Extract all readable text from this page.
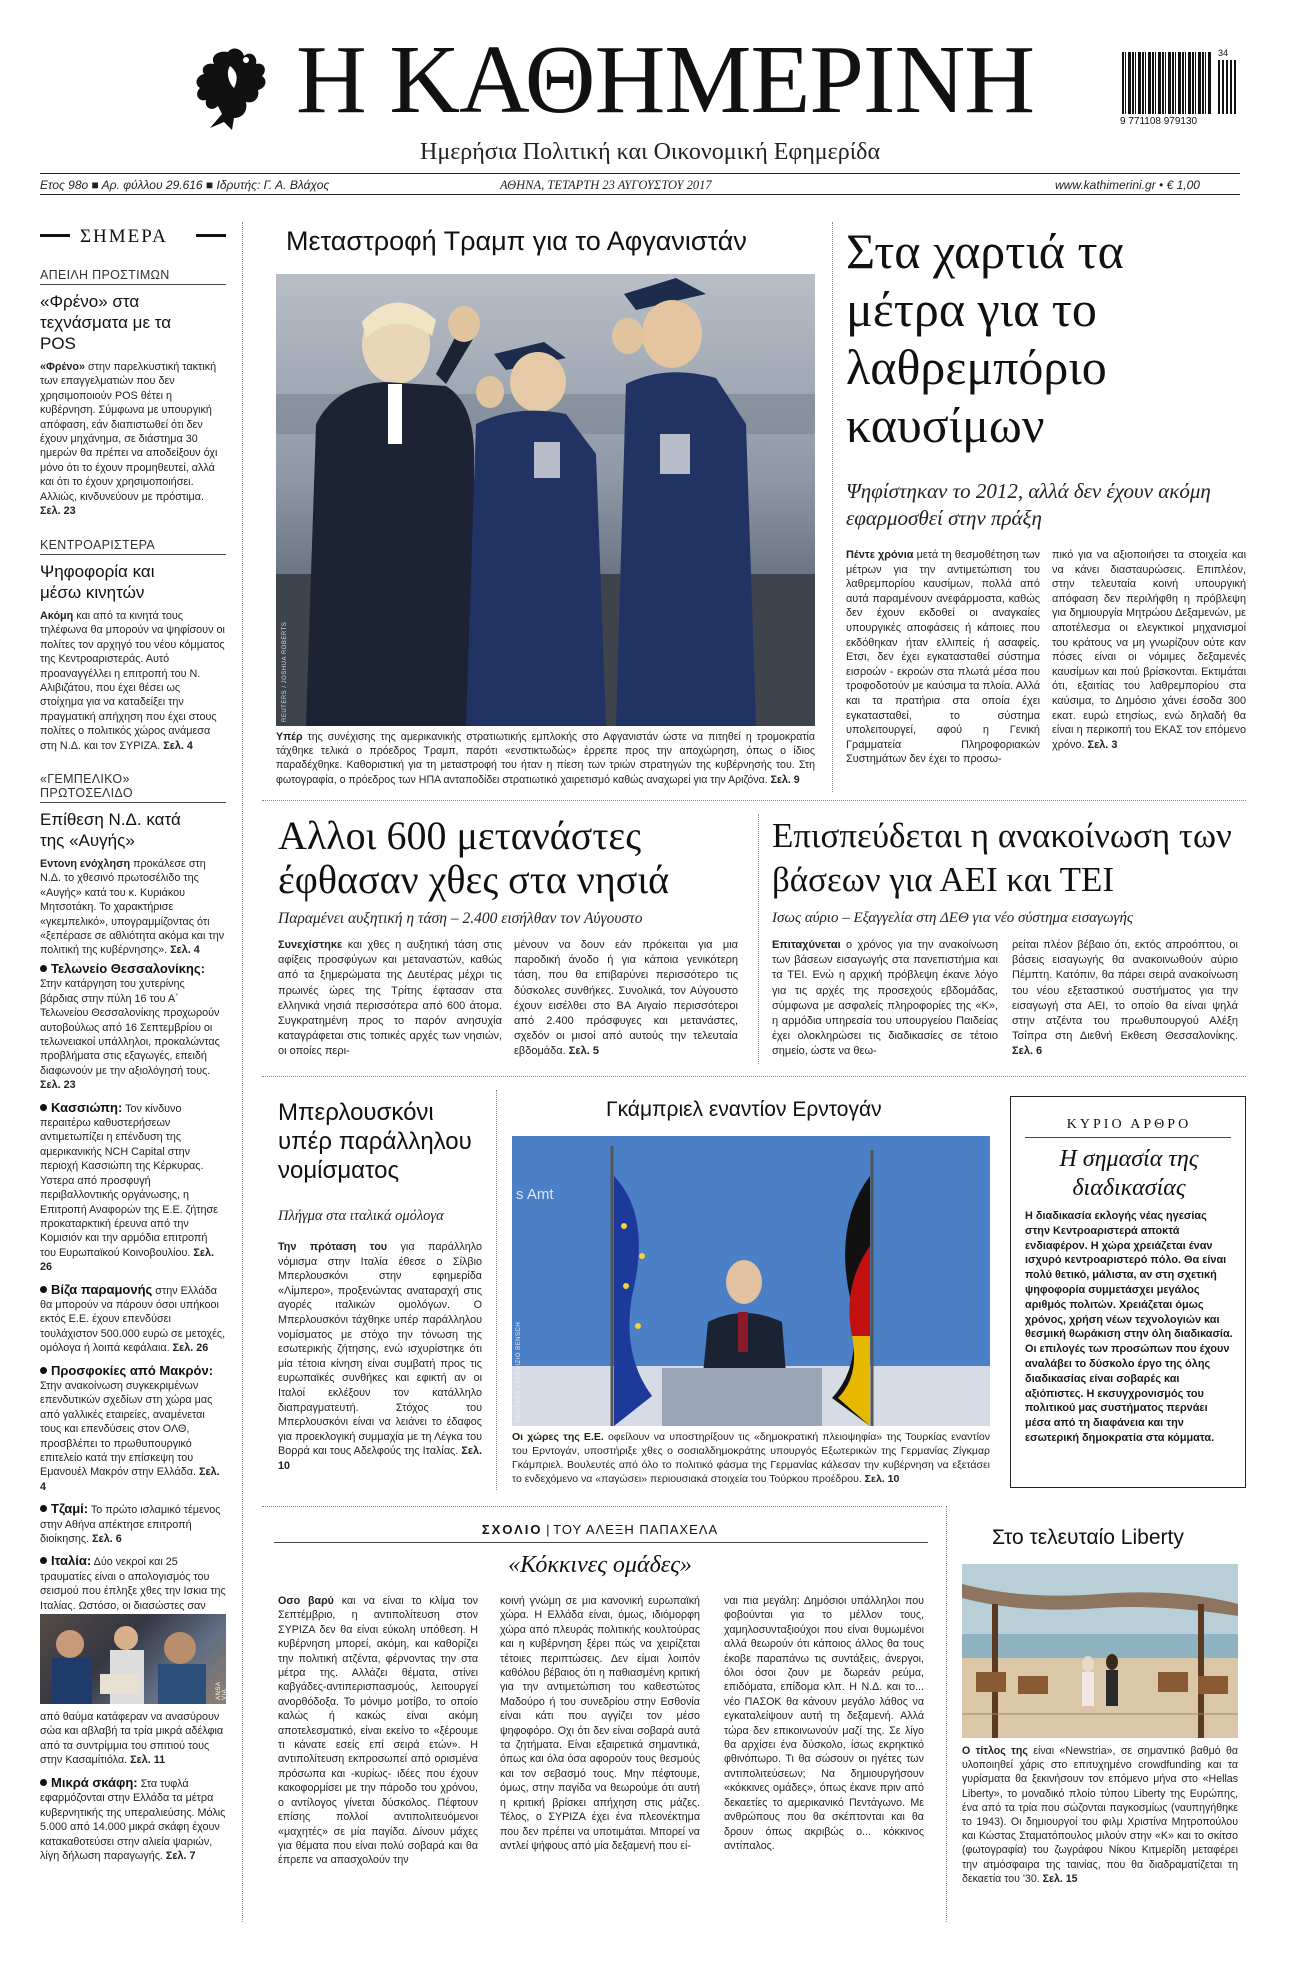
Η ΚΑΘΗΜΕΡΙΝΗ
Ημερήσια Πολιτική και Οικονομική Εφημερίδα
34
9 771108 979130
Eτος 98ο ■ Αρ. φύλλου 29.616 ■ Ιδρυτής: Γ. Α. Βλάχος	ΑΘΗΝΑ, ΤΕΤΑΡΤΗ 23 ΑΥΓΟΥΣΤΟΥ 2017	www.kathimerini.gr • € 1,00
ΣΗΜΕΡΑ
ΑΠΕΙΛΗ ΠΡΟΣΤΙΜΩΝ
«Φρένο» στα τεχνάσματα με τα POS
«Φρένο» στην παρελκυστική τακτική των επαγγελματιών που δεν χρησιμοποιούν POS θέτει η κυβέρνηση. Σύμφωνα με υπουργική απόφαση, εάν διαπιστωθεί ότι δεν έχουν μηχάνημα, σε διάστημα 30 ημερών θα πρέπει να αποδείξουν όχι μόνο ότι το έχουν προμηθευτεί, αλλά και ότι το έχουν χρησιμοποιήσει. Αλλιώς, κινδυνεύουν με πρόστιμα. Σελ. 23
ΚΕΝΤΡΟΑΡΙΣΤΕΡΑ
Ψηφοφορία και μέσω κινητών
Ακόμη και από τα κινητά τους τηλέφωνα θα μπορούν να ψηφίσουν οι πολίτες τον αρχηγό του νέου κόμματος της Κεντροαριστεράς. Αυτό προαναγγέλλει η επιτροπή του Ν. Αλιβιζάτου, που έχει θέσει ως στοίχημα για να καταδείξει την πραγματική απήχηση που έχει στους πολίτες ο πολιτικός χώρος ανάμεσα στη Ν.Δ. και τον ΣΥΡΙΖΑ. Σελ. 4
«ΓΕΜΠΕΛΙΚΟ» ΠΡΩΤΟΣΕΛΙΔΟ
Επίθεση Ν.Δ. κατά της «Αυγής»
Εντονη ενόχληση προκάλεσε στη Ν.Δ. το χθεσινό πρωτοσέλιδο της «Αυγής» κατά του κ. Κυριάκου Μητσοτάκη. Το χαρακτήρισε «γκεμπελικό», υπογραμμίζοντας ότι «ξεπέρασε σε αθλιότητα ακόμα και την πολιτική της κυβέρνησης». Σελ. 4
Τελωνείο Θεσσαλονίκης: Στην κατάργηση του χυτερίνης βάρδιας στην πύλη 16 του Α΄ Τελωνείου Θεσσαλονίκης προχωρούν αυτοβούλως από 16 Σεπτεμβρίου οι τελωνειακοί υπάλληλοι, προκαλώντας προβλήματα στις εξαγωγές, επειδή διαφωνούν με την αξιολόγησή τους. Σελ. 23
Κασσιώπη: Τον κίνδυνο περαιτέρω καθυστερήσεων αντιμετωπίζει η επένδυση της αμερικανικής NCH Capital στην περιοχή Κασσιώπη της Κέρκυρας. Υστερα από προσφυγή περιβαλλοντικής οργάνωσης, η Επιτροπή Αναφορών της Ε.Ε. ζήτησε προκαταρκτική έρευνα από την Κομισιόν και την αρμόδια επιτροπή του Ευρωπαϊκού Κοινοβουλίου. Σελ. 26
Βίζα παραμονής στην Ελλάδα θα μπορούν να πάρουν όσοι υπήκοοι εκτός Ε.Ε. έχουν επενδύσει τουλάχιστον 500.000 ευρώ σε μετοχές, ομόλογα ή λοιπά κεφάλαια. Σελ. 26
Προσφοκίες από Μακρόν: Στην ανακοίνωση συγκεκριμένων επενδυτικών σχεδίων στη χώρα μας από γαλλικές εταιρείες, αναμένεται τους και επενδύσεις στον ΟΛΘ, προσβλέπει το πρωθυπουργικό επιτελείο κατά την επίσκεψη του Εμανουέλ Μακρόν στην Ελλάδα. Σελ. 4
Τζαμί: Το πρώτο ισλαμικό τέμενος στην Αθήνα απέκτησε επιτροπή διοίκησης. Σελ. 6
Ιταλία: Δύο νεκροί και 25 τραυματίες είναι ο απολογισμός του σεισμού που έπληξε χθες την Ισκια της Ιταλίας. Ωστόσο, οι διασώστες σαν
ANSA VIA AP
από θαύμα κατάφεραν να ανασύρουν σώα και αβλαβή τα τρία μικρά αδέλφια από τα συντρίμμια του σπιτιού τους στην Κασαμίτιόλα. Σελ. 11
Μικρά σκάφη: Στα τυφλά εφαρμόζονται στην Ελλάδα τα μέτρα κυβερνητικής της υπεραλιεύσης. Μόλις 5.000 από 14.000 μικρά σκάφη έχουν κατακαθοτεύσει στην αλιεία ψαριών, λίγη δήλωση παραγωγής. Σελ. 7
Μεταστροφή Τραμπ για το Αφγανιστάν
REUTERS / JOSHUA ROBERTS
Υπέρ της συνέχισης της αμερικανικής στρατιωτικής εμπλοκής στο Αφγανιστάν ώστε να πιτηθεί η τρομοκρατία τάχθηκε τελικά ο πρόεδρος Τραμπ, παρότι «ενστικτωδώς» έρρεπε προς την αποχώρηση, όπως ο ίδιος παραδέχθηκε. Καθοριστική για τη μεταστροφή του ήταν η πίεση των τριών στρατηγών της κυβέρνησής του. Στη φωτογραφία, ο πρόεδρος των ΗΠΑ ανταποδίδει στρατιωτικό χαιρετισμό καθώς αναχωρεί για την Αριζόνα. Σελ. 9
Στα χαρτιά τα μέτρα για το λαθρεμπόριο καυσίμων
Ψηφίστηκαν το 2012, αλλά δεν έχουν ακόμη εφαρμοσθεί στην πράξη
Πέντε χρόνια μετά τη θεσμοθέτηση των μέτρων για την αντιμετώπιση του λαθρεμπορίου καυσίμων, πολλά από αυτά παραμένουν ανεφάρμοστα, καθώς δεν έχουν εκδοθεί οι αναγκαίες υπουργικές αποφάσεις ή κάποιες που εκδόθηκαν ήταν ελλιπείς ή ασαφείς. Ετσι, δεν έχει εγκατασταθεί σύστημα εισροών - εκροών στα πλωτά μέσα που τροφοδοτούν με καύσιμα τα πλοία. Αλλά και τα πρατήρια στα οποία έχει εγκατασταθεί, το σύστημα υπολειτουργεί, αφού η Γενική Γραμματεία Πληροφοριακών Συστημάτων δεν έχει το προσω-
πικό για να αξιοποιήσει τα στοιχεία και να κάνει διασταυρώσεις. Επιπλέον, στην τελευταία κοινή υπουργική απόφαση δεν περιλήφθη η πρόβλεψη για δημιουργία Μητρώου Δεξαμενών, με αποτέλεσμα οι ελεγκτικοί μηχανισμοί του κράτους να μη γνωρίζουν ούτε καν πόσες είναι οι νόμιμες δεξαμενές καυσίμων και πού βρίσκονται. Εκτιμάται ότι, εξαιτίας του λαθρεμπορίου στα καύσιμα, το Δημόσιο χάνει έσοδα 300 εκατ. ευρώ ετησίως, ενώ δηλαδή θα είναι η περικοπή του ΕΚΑΣ τον επόμενο χρόνο. Σελ. 3
Αλλοι 600 μετανάστες έφθασαν χθες στα νησιά
Παραμένει αυξητική η τάση – 2.400 εισήλθαν τον Αύγουστο
Συνεχίστηκε και χθες η αυξητική τάση στις αφίξεις προσφύγων και μεταναστών, καθώς από τα ξημερώματα της Δευτέρας μέχρι τις πρωινές ώρες της Τρίτης έφτασαν στα ελληνικά νησιά περισσότερα από 600 άτομα. Συγκρατημένη προς το παρόν ανησυχία καταγράφεται στις τοπικές αρχές των νησιών, οι οποίες περι-
μένουν να δουν εάν πρόκειται για μια παροδική άνοδο ή για κάποια γενικότερη τάση, που θα επιβαρύνει περισσότερο τις δύσκολες συνθήκες. Συνολικά, τον Αύγουστο έχουν εισέλθει στο ΒΑ Αιγαίο περισσότεροι από 2.400 πρόσφυγες και μετανάστες, σχεδόν οι μισοί από αυτούς την τελευταία εβδομάδα. Σελ. 5
Επισπεύδεται η ανακοίνωση των βάσεων για ΑΕΙ και ΤΕΙ
Ισως αύριο – Εξαγγελία στη ΔΕΘ για νέο σύστημα εισαγωγής
Επιταχύνεται ο χρόνος για την ανακοίνωση των βάσεων εισαγωγής στα πανεπιστήμια και τα ΤΕΙ. Ενώ η αρχική πρόβλεψη έκανε λόγο για τις αρχές της προσεχούς εβδομάδας, σύμφωνα με ασφαλείς πληροφορίες της «Κ», η αρμόδια υπηρεσία του υπουργείου Παιδείας έχει ολοκληρώσει τις διαδικασίες σε τέτοιο σημείο, ώστε να θεω-
ρείται πλέον βέβαιο ότι, εκτός απροόπτου, οι βάσεις εισαγωγής θα ανακοινωθούν αύριο Πέμπτη. Κατόπιν, θα πάρει σειρά ανακοίνωση του νέου εξεταστικού συστήματος για την εισαγωγή στα ΑΕΙ, το οποίο θα είναι ψηλά στην ατζέντα του πρωθυπουργού Αλέξη Τσίπρα στη Διεθνή Εκθεση Θεσσαλονίκης. Σελ. 6
Μπερλουσκόνι υπέρ παράλληλου νομίσματος
Πλήγμα στα ιταλικά ομόλογα
Την πρόταση του για παράλληλο νόμισμα στην Ιταλία έθεσε ο Σίλβιο Μπερλουσκόνι στην εφημερίδα «Λίμπερο», προξενώντας αναταραχή στις αγορές ιταλικών ομολόγων. Ο Μπερλουσκόνι τάχθηκε υπέρ παράλληλου νομίσματος με στόχο την τόνωση της εσωτερικής ζήτησης, ενώ ισχυρίστηκε ότι μία τέτοια κίνηση είναι συμβατή προς τις ευρωπαϊκές συνθήκες και εφικτή αν οι Ιταλοί εκλέξουν τον κατάλληλο διαπραγματευτή. Στόχος του Μπερλουσκόνι είναι να λειάνει το έδαφος για προεκλογική συμμαχία με τη Λέγκα του Βορρά και τους Αδελφούς της Ιταλίας. Σελ. 10
Γκάμπριελ εναντίον Ερντογάν
s Amt
REUTERS / FABRIZIO BENSCH
Οι χώρες της Ε.Ε. οφείλουν να υποστηρίξουν τις «δημοκρατική πλειοψηφία» της Τουρκίας εναντίον του Ερντογάν, υποστήριξε χθες ο σοσιαλδημοκράτης υπουργός Εξωτερικών της Γερμανίας Ζίγκμαρ Γκάμπριελ. Βουλευτές από όλο το πολιτικό φάσμα της Γερμανίας κάλεσαν την κυβέρνηση να εξετάσει το ενδεχόμενο να «παγώσει» περιουσιακά στοιχεία του Τούρκου προέδρου. Σελ. 10
ΚΥΡΙΟ ΑΡΘΡΟ
Η σημασία της διαδικασίας
Η διαδικασία εκλογής νέας ηγεσίας στην Κεντροαριστερά αποκτά ενδιαφέρον. Η χώρα χρειάζεται έναν ισχυρό κεντροαριστερό πόλο. Θα είναι πολύ θετικό, μάλιστα, αν στη σχετική ψηφοφορία συμμετάσχει μεγάλος αριθμός πολιτών. Χρειάζεται όμως χρόνος, χρήση νέων τεχνολογιών και θεσμική θωράκιση στην όλη διαδικασία. Οι επιλογές των προσώπων που έχουν αναλάβει το δύσκολο έργο της όλης διαδικασίας είναι σοβαρές και αξιόπιστες. Η εκσυγχρονισμός του πολιτικού μας συστήματος περνάει μέσα από τη διαφάνεια και την εσωτερική δημοκρατία στα κόμματα.
ΣΧΟΛΙΟ | ΤΟΥ ΑΛΕΞΗ ΠΑΠΑΧΕΛΑ
«Κόκκινες ομάδες»
Οσο βαρύ και να είναι το κλίμα τον Σεπτέμβριο, η αντιπολίτευση στον ΣΥΡΙΖΑ δεν θα είναι εύκολη υπόθεση. Η κυβέρνηση μπορεί, ακόμη, και καθορίζει την πολιτική ατζέντα, φέρνοντας την στα μέτρα της. Αλλάζει θέματα, στίνει καβγάδες-αντιπερισπασμούς, λειτουργεί ανορθόδοξα. Το μόνιμο μοτίβο, το οποίο καλώς ή κακώς είναι ακόμη αποτελεσματικό, είναι εκείνο το «ξέρουμε τι κάνατε εσείς επί σειρά ετών». Η αντιπολίτευση εκπροσωπεί από ορισμένα πρόσωπα και -κυρίως- ιδέες που έχουν κακοφορμίσει με την πάροδο του χρόνου, ο αντίλογος γίνεται δύσκολος. Πέφτουν επίσης πολλοί αντιπολιτευόμενοι «μαχητές» σε μία παγίδα. Δίνουν μάχες για θέματα που είναι πολύ σοβαρά και θα έπρεπε να απασχολούν την
κοινή γνώμη σε μια κανονική ευρωπαϊκή χώρα. Η Ελλάδα είναι, όμως, ιδιόμορφη χώρα από πλευράς πολιτικής κουλτούρας και η κυβέρνηση ξέρει πώς να χειρίζεται τέτοιες περιπτώσεις. Δεν είμαι λοιπόν καθόλου βέβαιος ότι η παθιασμένη κριτική για την αντιμετώπιση του καθεστώτος Μαδούρο ή του συνεδρίου στην Εσθονία είναι κάτι που αγγίζει τον μέσο ψηφοφόρο. Οχι ότι δεν είναι σοβαρά αυτά τα ζητήματα. Είναι εξαιρετικά σημαντικά, όπως και όλα όσα αφορούν τους θεσμούς και τον σεβασμό τους. Μην πέφτουμε, όμως, στην παγίδα να θεωρούμε ότι αυτή η κριτική βρίσκει απήχηση στις μάζες. Τέλος, ο ΣΥΡΙΖΑ έχει ένα πλεονέκτημα που δεν πρέπει να υποτιμάται. Μπορεί να αντλεί ψήφους από μία δεξαμενή που εί-
ναι πια μεγάλη: Δημόσιοι υπάλληλοι που φοβούνται για το μέλλον τους, χαμηλοσυνταξιούχοι που είναι θυμωμένοι αλλά θεωρούν ότι κάποιος άλλος θα τους έκοβε παραπάνω τις συντάξεις, άνεργοι, όλοι όσοι ζουν με δωρεάν ρεύμα, επιδόματα, επίδομα κλπ. Η Ν.Δ. και το... νέο ΠΑΣΟΚ θα κάνουν μεγάλο λάθος να εγκαταλείψουν αυτή τη δεξαμενή. Αλλά τώρα δεν επικοινωνούν μαζί της. Σε λίγο θα αρχίσει ένα δύσκολο, ίσως εκρηκτικό φθινόπωρο. Τι θα σώσουν οι ηγέτες των αντιπολιτεύσεων; Να δημιουργήσουν «κόκκινες ομάδες», όπως έκανε πριν από δεκαετίες το αμερικανικό Πεντάγωνο. Με ανθρώπους που θα σκέπτονται και θα δρουν όπως ακριβώς ο... κόκκινος αντίπαλος.
Στο τελευταίο Liberty
Ο τίτλος της είναι «Newstria», σε σημαντικό βαθμό θα υλοποιηθεί χάρις στο επιτυχημένο crowdfunding και τα γυρίσματα θα ξεκινήσουν τον επόμενο μήνα στο «Hellas Liberty», το μοναδικό πλοίο τύπου Liberty της Ευρώπης, ένα από τα τρία που σώζονται παγκοσμίως (ναυπηγήθηκε το 1943). Οι δημιουργοί του φιλμ Χριστίνα Μητροπούλου και Κώστας Σταματόπουλος μιλούν στην «Κ» και το σκίτσο (φωτογραφία) του ζωγράφου Νίκου Κιτμερίδη μεταφέρει την ατμόσφαιρα της ταινίας, που θα διαδραματίζεται τη δεκαετία του '30. Σελ. 15
